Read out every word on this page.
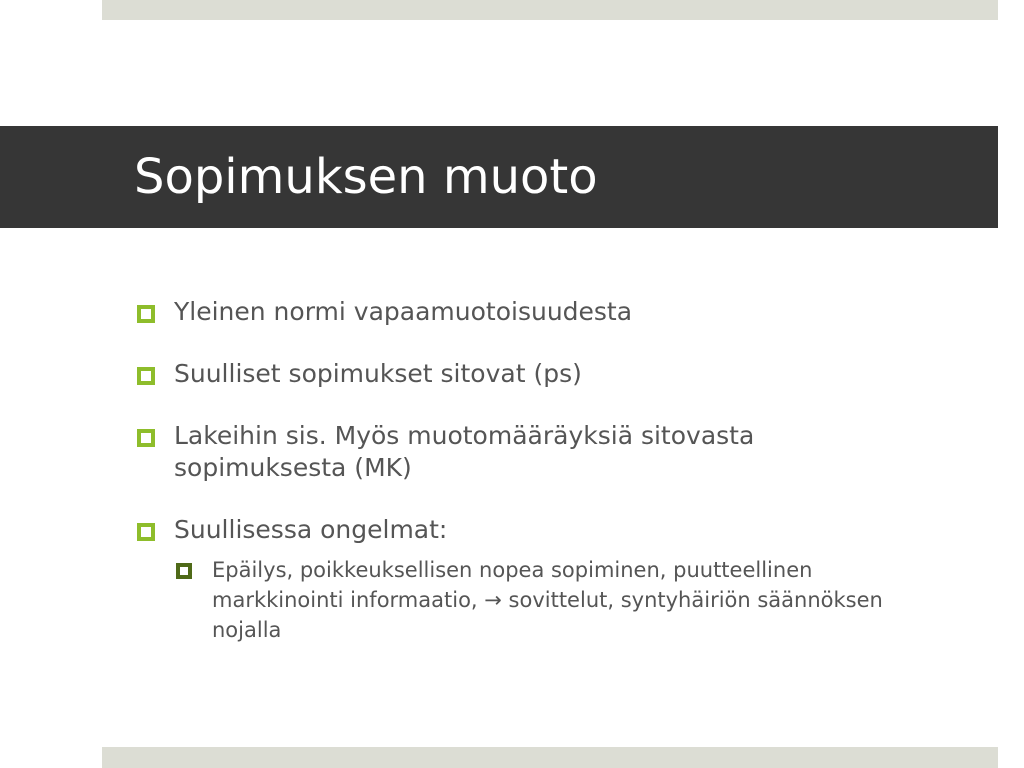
Sopimuksen muoto
Yleinen normi vapaamuotoisuudesta
Suulliset sopimukset sitovat (ps)
Lakeihin sis. Myös muotomääräyksiä sitovasta sopimuksesta (MK)
Suullisessa ongelmat:
Epäilys, poikkeuksellisen nopea sopiminen, puutteellinen markkinointi informaatio, → sovittelut, syntyhäiriön säännöksen nojalla
